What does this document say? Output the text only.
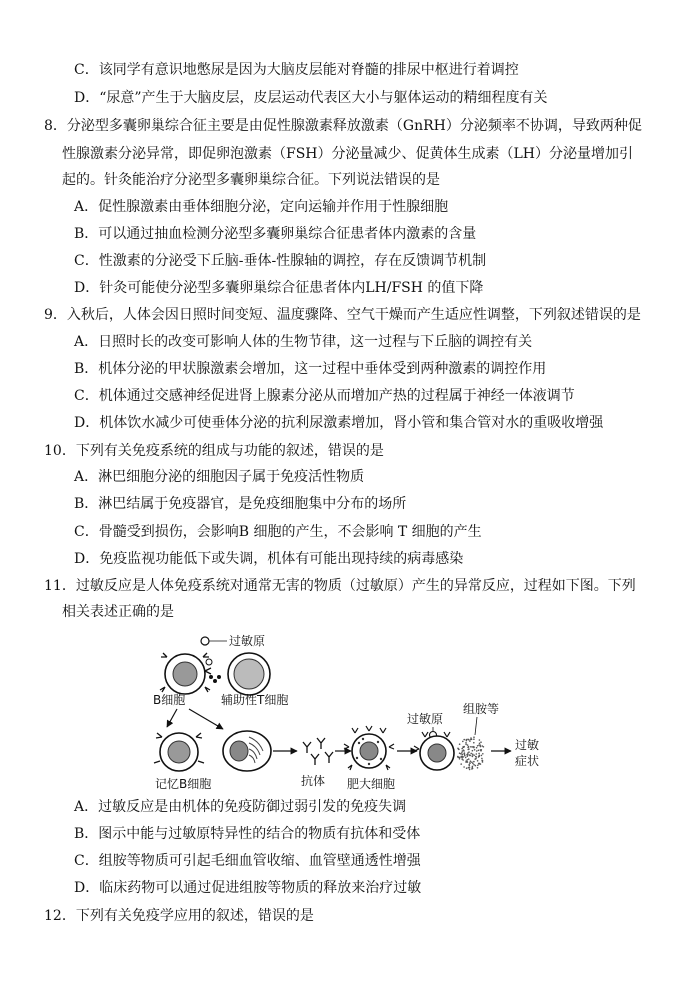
C．该同学有意识地憋尿是因为大脑皮层能对脊髓的排尿中枢进行着调控
D．“尿意”产生于大脑皮层，皮层运动代表区大小与躯体运动的精细程度有关
8．分泌型多囊卵巢综合征主要是由促性腺激素释放激素（GnRH）分泌频率不协调，导致两种促
性腺激素分泌异常，即促卵泡激素（FSH）分泌量减少、促黄体生成素（LH）分泌量增加引
起的。针灸能治疗分泌型多囊卵巢综合征。下列说法错误的是
A．促性腺激素由垂体细胞分泌，定向运输并作用于性腺细胞
B．可以通过抽血检测分泌型多囊卵巢综合征患者体内激素的含量
C．性激素的分泌受下丘脑-垂体-性腺轴的调控，存在反馈调节机制
D．针灸可能使分泌型多囊卵巢综合征患者体内LH/FSH 的值下降
9．入秋后，人体会因日照时间变短、温度骤降、空气干燥而产生适应性调整，下列叙述错误的是
A．日照时长的改变可影响人体的生物节律，这一过程与下丘脑的调控有关
B．机体分泌的甲状腺激素会增加，这一过程中垂体受到两种激素的调控作用
C．机体通过交感神经促进肾上腺素分泌从而增加产热的过程属于神经一体液调节
D．机体饮水减少可使垂体分泌的抗利尿激素增加，肾小管和集合管对水的重吸收增强
10．下列有关免疫系统的组成与功能的叙述，错误的是
A．淋巴细胞分泌的细胞因子属于免疫活性物质
B．淋巴结属于免疫器官，是免疫细胞集中分布的场所
C．骨髓受到损伤，会影响B 细胞的产生，不会影响 T 细胞的产生
D．免疫监视功能低下或失调，机体有可能出现持续的病毒感染
11．过敏反应是人体免疫系统对通常无害的物质（过敏原）产生的异常反应，过程如下图。下列
相关表述正确的是
过敏原
B细胞	辅助性T细胞
记忆B细胞	抗体 肥大细胞
过敏原
组胺等
过敏
症状
A．过敏反应是由机体的免疫防御过弱引发的免疫失调
B．图示中能与过敏原特异性的结合的物质有抗体和受体
C．组胺等物质可引起毛细血管收缩、血管壁通透性增强
D．临床药物可以通过促进组胺等物质的释放来治疗过敏
12．下列有关免疫学应用的叙述，错误的是
